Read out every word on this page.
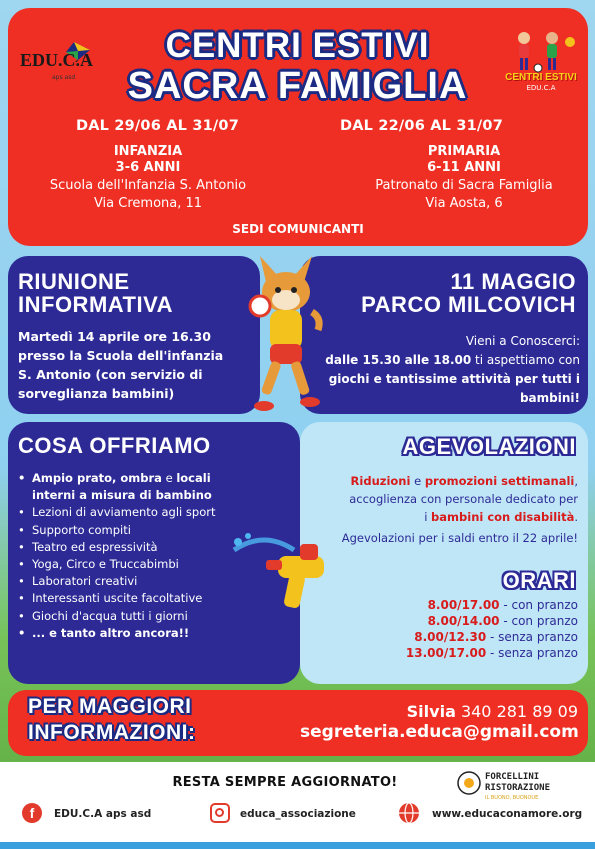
EDU.C.A
aps asd	CENTRI ESTIVI
EDU.C.A
CENTRI ESTIVI
SACRA FAMIGLIA
DAL 29/06 AL 31/07
INFANZIA
3-6 ANNI
Scuola dell'Infanzia S. Antonio
Via Cremona, 11
DAL 22/06 AL 31/07
PRIMARIA
6-11 ANNI
Patronato di Sacra Famiglia
Via Aosta, 6
SEDI COMUNICANTI
RIUNIONE
INFORMATIVA
Martedì 14 aprile ore 16.30
presso la Scuola dell'infanzia
S. Antonio (con servizio di
sorveglianza bambini)
11 MAGGIO
PARCO MILCOVICH
Vieni a Conoscerci:
dalle 15.30 alle 18.00 ti aspettiamo con
giochi e tantissime attività per tutti i
bambini!
COSA OFFRIAMO
• Ampio prato, ombra e locali
interni a misura di bambino
• Lezioni di avviamento agli sport
• Supporto compiti
• Teatro ed espressività
• Yoga, Circo e Truccabimbi
• Laboratori creativi
• Interessanti uscite facoltative
• Giochi d'acqua tutti i giorni
• ... e tanto altro ancora!!
AGEVOLAZIONI
Riduzioni e promozioni settimanali,
accoglienza con personale dedicato per
i bambini con disabilità.
Agevolazioni per i saldi entro il 22 aprile!
ORARI
8.00/17.00 - con pranzo
8.00/14.00 - con pranzo
8.00/12.30 - senza pranzo
13.00/17.00 - senza pranzo
PER MAGGIORI
INFORMAZIONI:
Silvia 340 281 89 09
segreteria.educa@gmail.com
RESTA SEMPRE AGGIORNATO!
f	EDU.C.A aps asd	educa_associazione	www.educaconamore.org
FORCELLINI
RISTORAZIONE
IL BUONO, BUONOUE.
